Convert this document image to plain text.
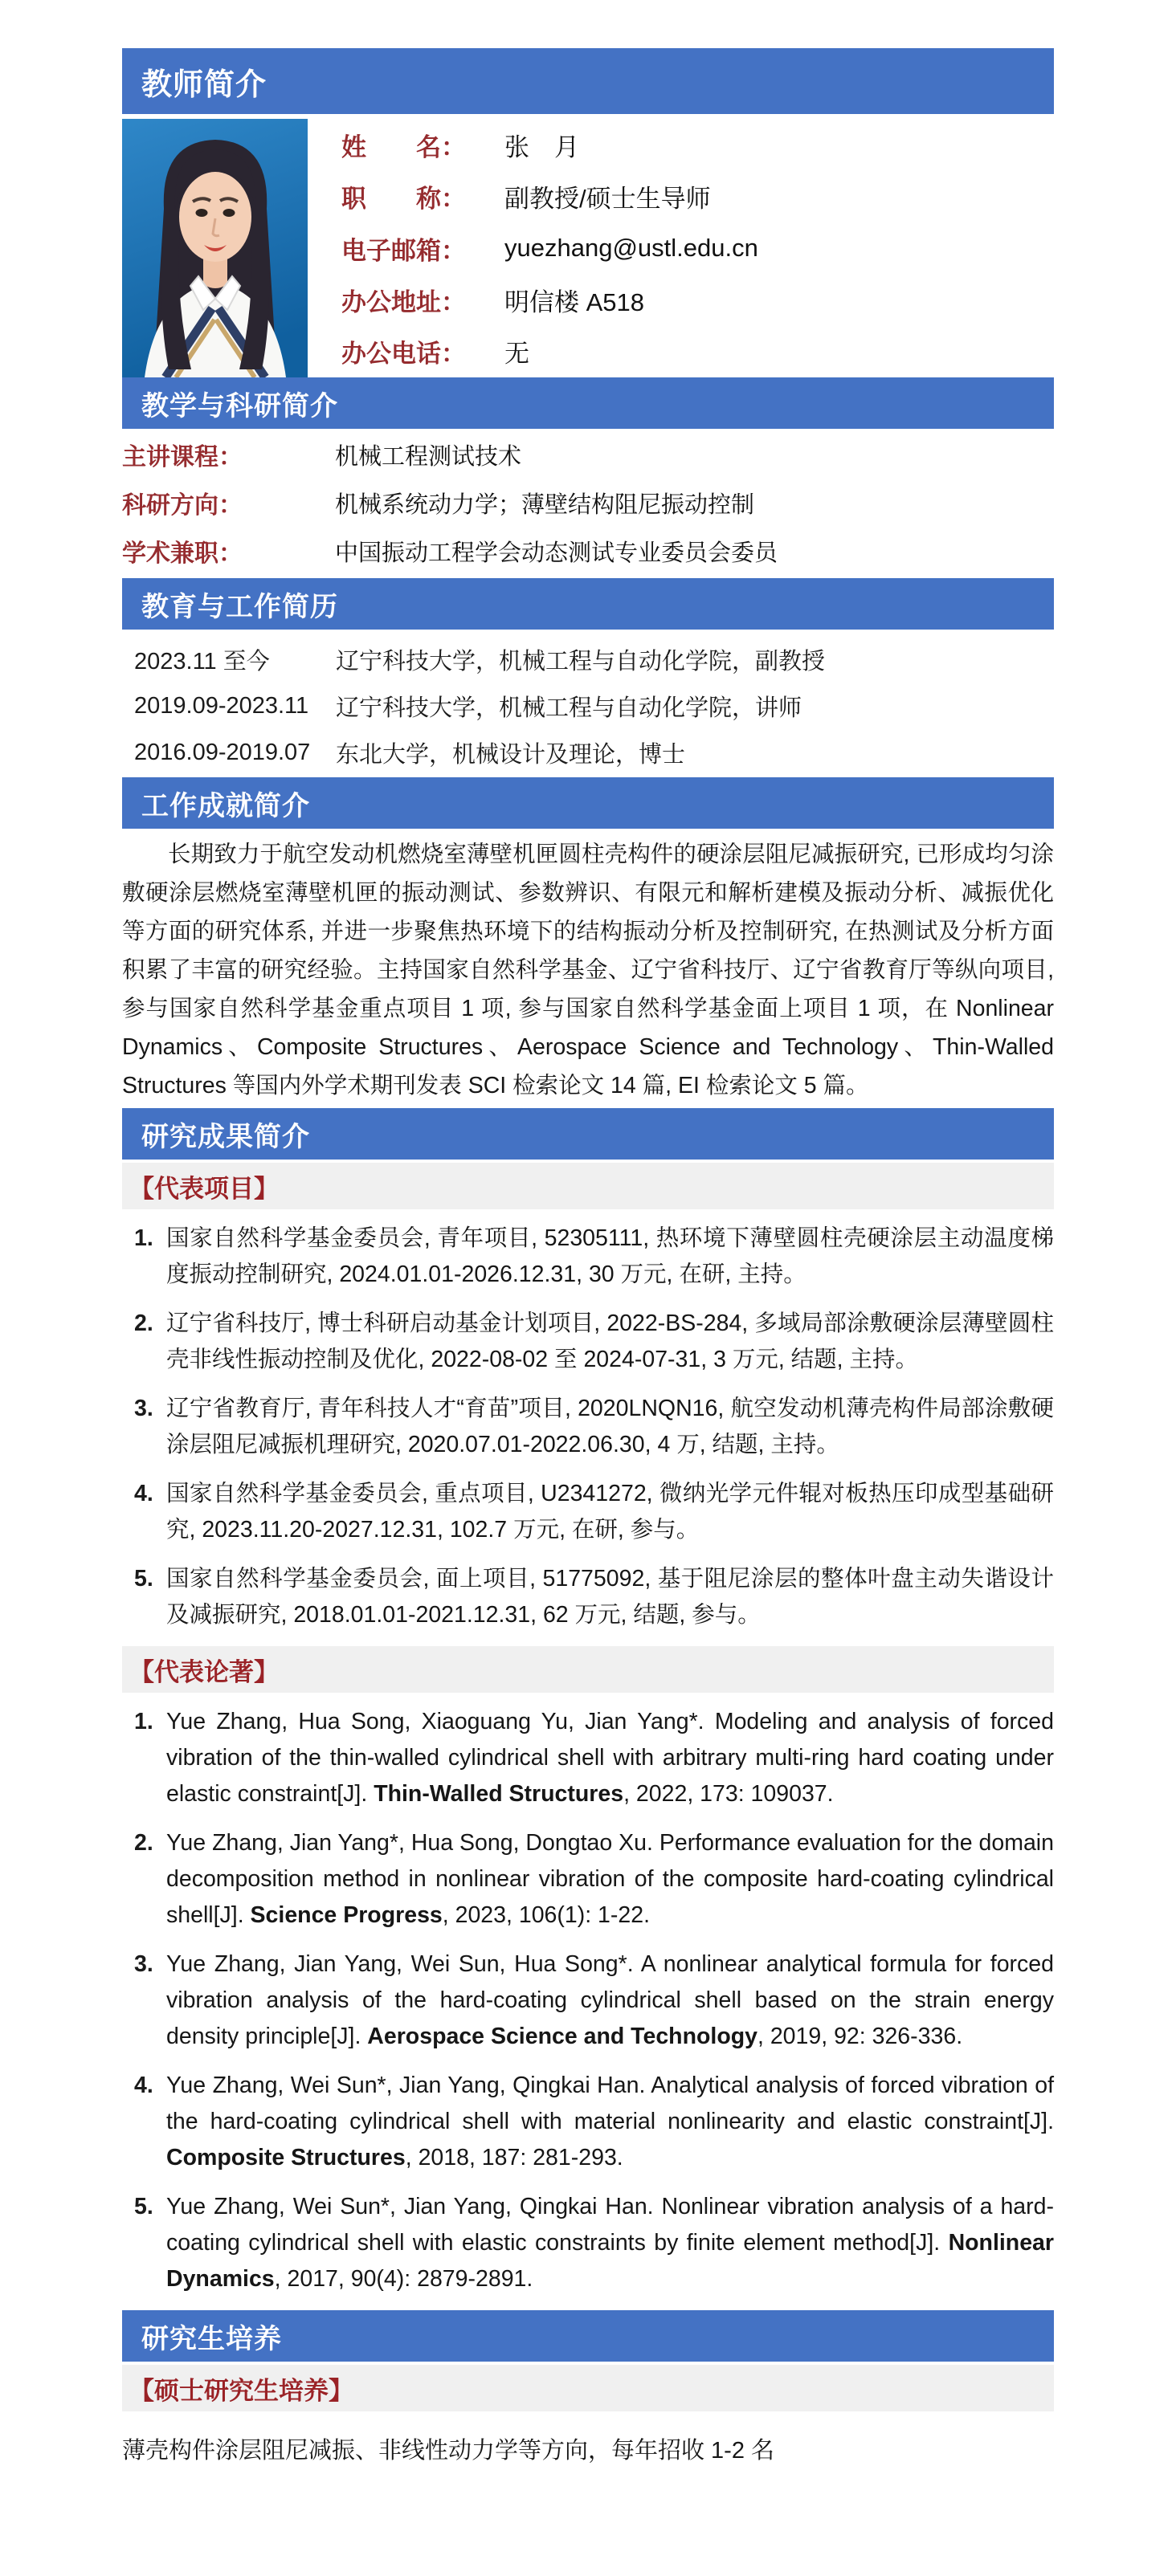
教师简介
姓　　名：	张　月
职　　称：	副教授/硕士生导师
电子邮箱：	yuezhang@ustl.edu.cn
办公地址：	明信楼 A518
办公电话：	无
教学与科研简介
主讲课程：	机械工程测试技术
科研方向：	机械系统动力学；薄壁结构阻尼振动控制
学术兼职：	中国振动工程学会动态测试专业委员会委员
教育与工作简历
2023.11 至今	辽宁科技大学，机械工程与自动化学院，副教授
2019.09-2023.11	辽宁科技大学，机械工程与自动化学院，讲师
2016.09-2019.07	东北大学，机械设计及理论，博士
工作成就简介

长期致力于航空发动机燃烧室薄壁机匣圆柱壳构件的硬涂层阻尼减振研究, 已形成均匀涂敷硬涂层燃烧室薄壁机匣的振动测试、参数辨识、有限元和解析建模及振动分析、减振优化等方面的研究体系, 并进一步聚焦热环境下的结构振动分析及控制研究, 在热测试及分析方面积累了丰富的研究经验。主持国家自然科学基金、辽宁省科技厅、辽宁省教育厅等纵向项目, 参与国家自然科学基金重点项目 1 项, 参与国家自然科学基金面上项目 1 项，在 Nonlinear Dynamics、Composite Structures、Aerospace Science and Technology、Thin-Walled Structures 等国内外学术期刊发表 SCI 检索论文 14 篇, EI 检索论文 5 篇。

研究成果简介
【代表项目】
1. 国家自然科学基金委员会, 青年项目, 52305111, 热环境下薄壁圆柱壳硬涂层主动温度梯度振动控制研究, 2024.01.01-2026.12.31, 30 万元, 在研, 主持。
2. 辽宁省科技厅, 博士科研启动基金计划项目, 2022-BS-284, 多域局部涂敷硬涂层薄壁圆柱壳非线性振动控制及优化, 2022-08-02 至 2024-07-31, 3 万元, 结题, 主持。
3. 辽宁省教育厅, 青年科技人才“育苗”项目, 2020LNQN16, 航空发动机薄壳构件局部涂敷硬涂层阻尼减振机理研究, 2020.07.01-2022.06.30, 4 万, 结题, 主持。
4. 国家自然科学基金委员会, 重点项目, U2341272, 微纳光学元件辊对板热压印成型基础研究, 2023.11.20-2027.12.31, 102.7 万元, 在研, 参与。
5. 国家自然科学基金委员会, 面上项目, 51775092, 基于阻尼涂层的整体叶盘主动失谐设计及减振研究, 2018.01.01-2021.12.31, 62 万元, 结题, 参与。
【代表论著】
1. Yue Zhang, Hua Song, Xiaoguang Yu, Jian Yang*. Modeling and analysis of forced vibration of the thin-walled cylindrical shell with arbitrary multi-ring hard coating under elastic constraint[J]. Thin-Walled Structures, 2022, 173: 109037.
2. Yue Zhang, Jian Yang*, Hua Song, Dongtao Xu. Performance evaluation for the domain decomposition method in nonlinear vibration of the composite hard-coating cylindrical shell[J]. Science Progress, 2023, 106(1): 1-22.
3. Yue Zhang, Jian Yang, Wei Sun, Hua Song*. A nonlinear analytical formula for forced vibration analysis of the hard-coating cylindrical shell based on the strain energy density principle[J]. Aerospace Science and Technology, 2019, 92: 326-336.
4. Yue Zhang, Wei Sun*, Jian Yang, Qingkai Han. Analytical analysis of forced vibration of the hard-coating cylindrical shell with material nonlinearity and elastic constraint[J]. Composite Structures, 2018, 187: 281-293.
5. Yue Zhang, Wei Sun*, Jian Yang, Qingkai Han. Nonlinear vibration analysis of a hard-coating cylindrical shell with elastic constraints by finite element method[J]. Nonlinear Dynamics, 2017, 90(4): 2879-2891.
研究生培养
【硕士研究生培养】

薄壳构件涂层阻尼减振、非线性动力学等方向，每年招收 1-2 名
